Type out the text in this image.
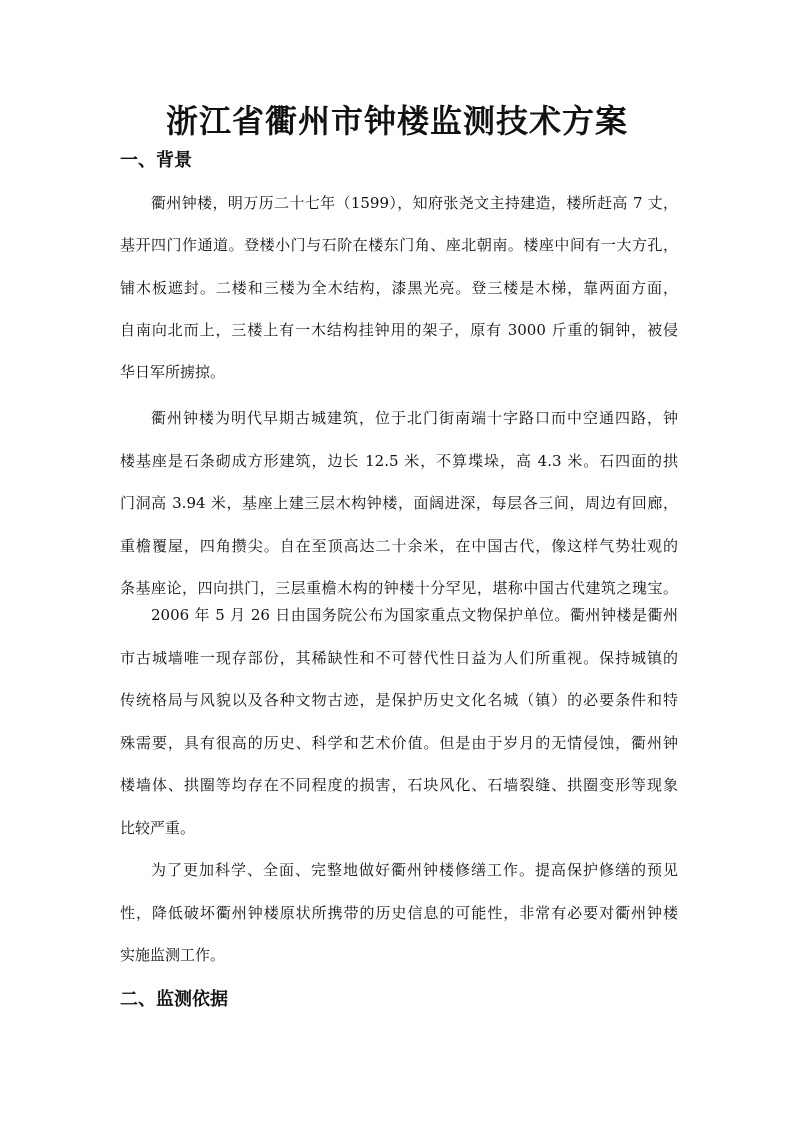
浙江省衢州市钟楼监测技术方案
一、背景
衢州钟楼，明万历二十七年（1599），知府张尧文主持建造，楼所赶高 7 丈，
基开四门作通道。登楼小门与石阶在楼东门角、座北朝南。楼座中间有一大方孔，
铺木板遮封。二楼和三楼为全木结构，漆黑光亮。登三楼是木梯，靠两面方面，
自南向北而上，三楼上有一木结构挂钟用的架子，原有 3000 斤重的铜钟，被侵
华日军所掳掠。
衢州钟楼为明代早期古城建筑，位于北门街南端十字路口而中空通四路，钟
楼基座是石条砌成方形建筑，边长 12.5 米，不算堞垛，高 4.3 米。石四面的拱
门洞高 3.94 米，基座上建三层木构钟楼，面阔进深，每层各三间，周边有回廊，
重檐覆屋，四角攒尖。自在至顶高达二十余米，在中国古代，像这样气势壮观的
条基座论，四向拱门，三层重檐木构的钟楼十分罕见，堪称中国古代建筑之瑰宝。
2006 年 5 月 26 日由国务院公布为国家重点文物保护单位。衢州钟楼是衢州
市古城墙唯一现存部份，其稀缺性和不可替代性日益为人们所重视。保持城镇的
传统格局与风貌以及各种文物古迹，是保护历史文化名城（镇）的必要条件和特
殊需要，具有很高的历史、科学和艺术价值。但是由于岁月的无情侵蚀，衢州钟
楼墙体、拱圈等均存在不同程度的损害，石块风化、石墙裂缝、拱圈变形等现象
比较严重。
为了更加科学、全面、完整地做好衢州钟楼修缮工作。提高保护修缮的预见
性，降低破坏衢州钟楼原状所携带的历史信息的可能性，非常有必要对衢州钟楼
实施监测工作。
二、监测依据
